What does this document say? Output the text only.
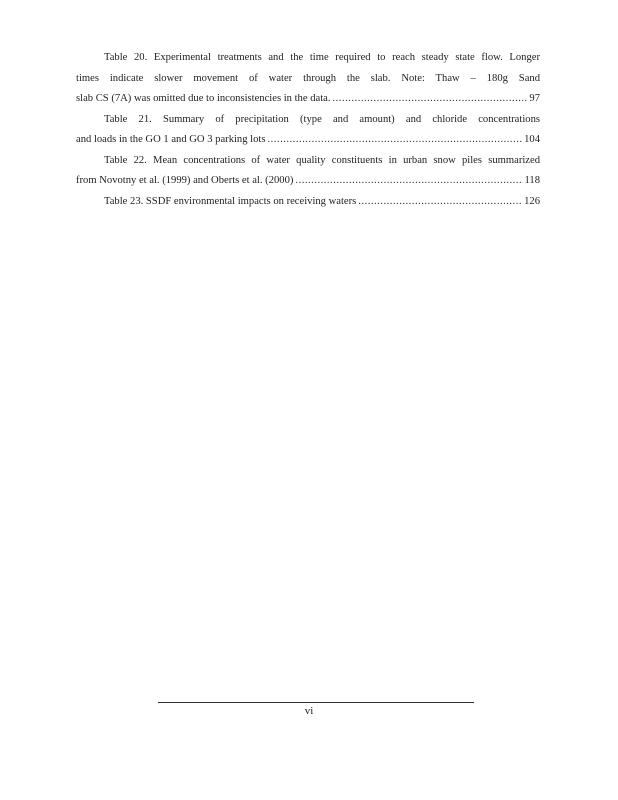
Table 20. Experimental treatments and the time required to reach steady state flow. Longer
times indicate slower movement of water through the slab. Note: Thaw – 180g Sand
slab CS (7A) was omitted due to inconsistencies in the data. .....	97
Table 21. Summary of precipitation (type and amount) and chloride concentrations
and loads in the GO 1 and GO 3 parking lots .....	104
Table 22. Mean concentrations of water quality constituents in urban snow piles summarized
from Novotny et al. (1999) and Oberts et al. (2000) .....	118
Table 23. SSDF environmental impacts on receiving waters .....	126
vi
